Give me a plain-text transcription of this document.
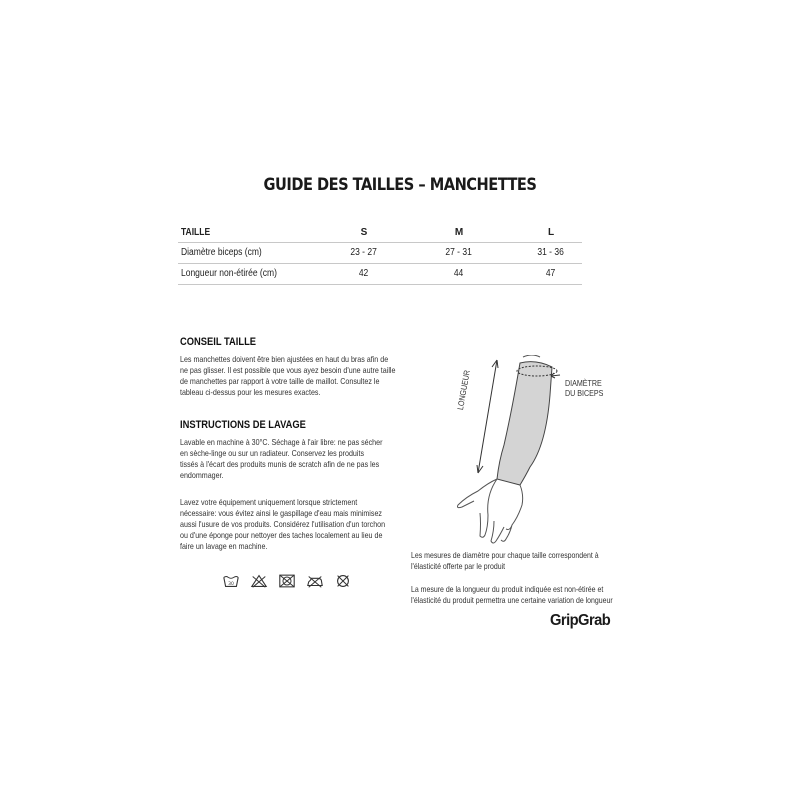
GUIDE DES TAILLES – MANCHETTES
TAILLE	S	M	L
Diamètre biceps (cm)	23 - 27	27 - 31	31 - 36
Longueur non-étirée (cm)	42	44	47
CONSEIL TAILLE
Les manchettes doivent être bien ajustées en haut du bras afin de
ne pas glisser. Il est possible que vous ayez besoin d'une autre taille
de manchettes par rapport à votre taille de maillot. Consultez le
tableau ci-dessus pour les mesures exactes.
INSTRUCTIONS DE LAVAGE
Lavable en machine à 30°C. Séchage à l'air libre: ne pas sécher
en sèche-linge ou sur un radiateur. Conservez les produits
tissés à l'écart des produits munis de scratch afin de ne pas les
endommager.
Lavez votre équipement uniquement lorsque strictement
nécessaire: vous évitez ainsi le gaspillage d'eau mais minimisez
aussi l'usure de vos produits. Considérez l'utilisation d'un torchon
ou d'une éponge pour nettoyer des taches localement au lieu de
faire un lavage en machine.
30
LONGUEUR	DIAMÈTRE
DU BICEPS
Les mesures de diamètre pour chaque taille correspondent à
l'élasticité offerte par le produit
La mesure de la longueur du produit indiquée est non-étirée et
l'élasticité du produit permettra une certaine variation de longueur
GripGrab
